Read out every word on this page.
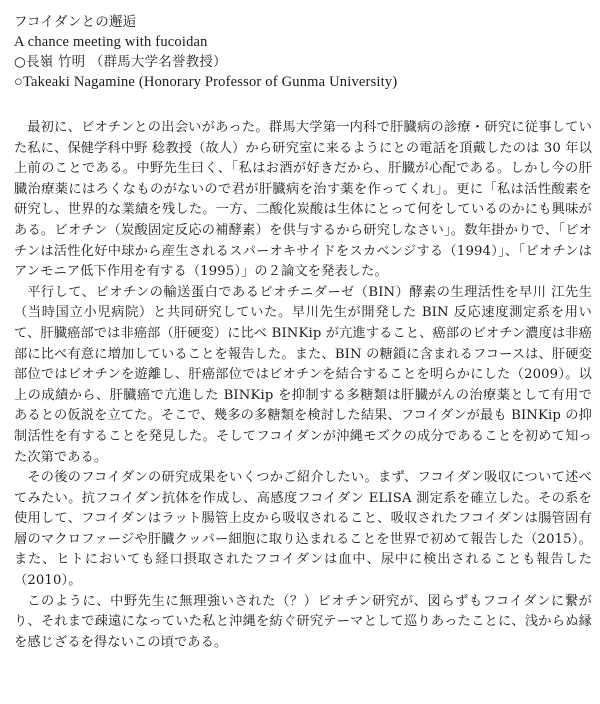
フコイダンとの邂逅
A chance meeting with fucoidan
○長嶺 竹明 （群馬大学名誉教授）
○Takeaki Nagamine (Honorary Professor of Gunma University)

最初に、ビオチンとの出会いがあった。群馬大学第一内科で肝臓病の診療・研究に従事していた私に、保健学科中野 稔教授（故人）から研究室に来るようにとの電話を頂戴したのは 30 年以上前のことである。中野先生曰く、「私はお酒が好きだから、肝臓が心配である。しかし今の肝臓治療薬にはろくなものがないので君が肝臓病を治す薬を作ってくれ」。更に「私は活性酸素を研究し、世界的な業績を残した。一方、二酸化炭酸は生体にとって何をしているのかにも興味がある。ビオチン（炭酸固定反応の補酵素）を供与するから研究しなさい」。数年掛かりで、「ビオチンは活性化好中球から産生されるスパーオキサイドをスカベンジする（1994）」、「ビオチンはアンモニア低下作用を有する（1995）」の２論文を発表した。

平行して、ビオチンの輸送蛋白であるビオチニダーゼ（BIN）酵素の生理活性を早川 江先生（当時国立小児病院）と共同研究していた。早川先生が開発した BIN 反応速度測定系を用いて、肝臓癌部では非癌部（肝硬変）に比べ BINKip が亢進すること、癌部のビオチン濃度は非癌部に比べ有意に増加していることを報告した。また、BIN の糖鎖に含まれるフコースは、肝硬変部位ではビオチンを遊離し、肝癌部位ではビオチンを結合することを明らかにした（2009）。以上の成績から、肝臓癌で亢進した BINKip を抑制する多糖類は肝臓がんの治療薬として有用であるとの仮説を立てた。そこで、幾多の多糖類を検討した結果、フコイダンが最も BINKip の抑制活性を有することを発見した。そしてフコイダンが沖縄モズクの成分であることを初めて知った次第である。

その後のフコイダンの研究成果をいくつかご紹介したい。まず、フコイダン吸収について述べてみたい。抗フコイダン抗体を作成し、高感度フコイダン ELISA 測定系を確立した。その系を使用して、フコイダンはラット腸管上皮から吸収されること、吸収されたフコイダンは腸管固有層のマクロファージや肝臓クッパー細胞に取り込まれることを世界で初めて報告した（2015）。また、ヒトにおいても経口摂取されたフコイダンは血中、尿中に検出されることも報告した（2010）。

このように、中野先生に無理強いされた（？）ビオチン研究が、図らずもフコイダンに繋がり、それまで疎遠になっていた私と沖縄を紡ぐ研究テーマとして巡りあったことに、浅からぬ縁を感じざるを得ないこの頃である。
